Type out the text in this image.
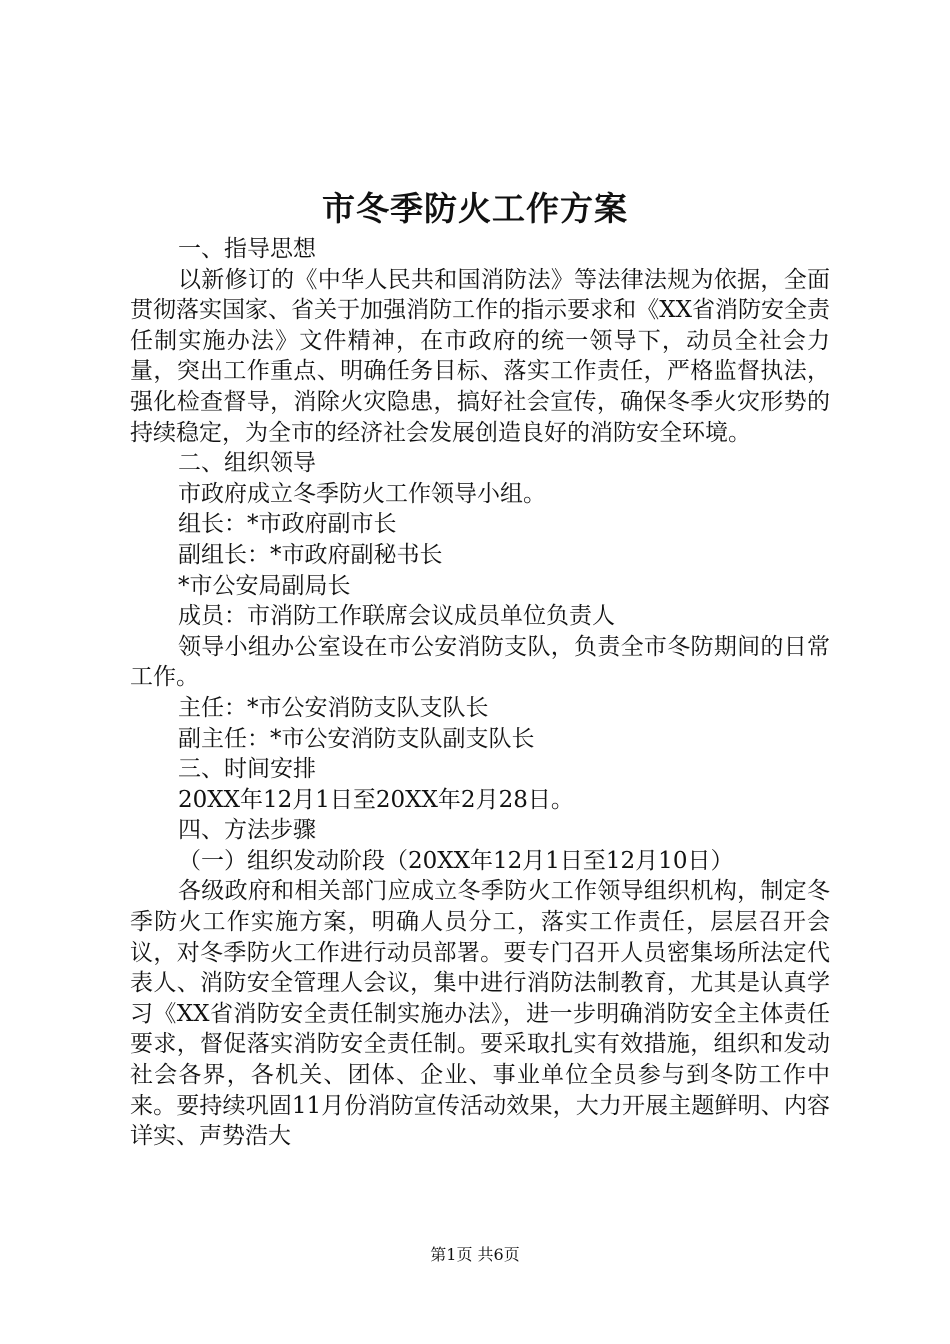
市冬季防火工作方案

一、指导思想

以新修订的《中华人民共和国消防法》等法律法规为依据，全面贯彻落实国家、省关于加强消防工作的指示要求和《XX省消防安全责任制实施办法》文件精神，在市政府的统一领导下，动员全社会力量，突出工作重点、明确任务目标、落实工作责任，严格监督执法，强化检查督导，消除火灾隐患，搞好社会宣传，确保冬季火灾形势的持续稳定，为全市的经济社会发展创造良好的消防安全环境。

二、组织领导

市政府成立冬季防火工作领导小组。

组长：*市政府副市长

副组长：*市政府副秘书长

*市公安局副局长

成员：市消防工作联席会议成员单位负责人

领导小组办公室设在市公安消防支队，负责全市冬防期间的日常工作。

主任：*市公安消防支队支队长

副主任：*市公安消防支队副支队长

三、时间安排

20XX年12月1日至20XX年2月28日。

四、方法步骤

（一）组织发动阶段（20XX年12月1日至12月10日）

各级政府和相关部门应成立冬季防火工作领导组织机构，制定冬季防火工作实施方案，明确人员分工，落实工作责任，层层召开会议，对冬季防火工作进行动员部署。要专门召开人员密集场所法定代表人、消防安全管理人会议，集中进行消防法制教育，尤其是认真学习《XX省消防安全责任制实施办法》，进一步明确消防安全主体责任要求，督促落实消防安全责任制。要采取扎实有效措施，组织和发动社会各界，各机关、团体、企业、事业单位全员参与到冬防工作中来。要持续巩固11月份消防宣传活动效果，大力开展主题鲜明、内容详实、声势浩大

第1页 共6页
